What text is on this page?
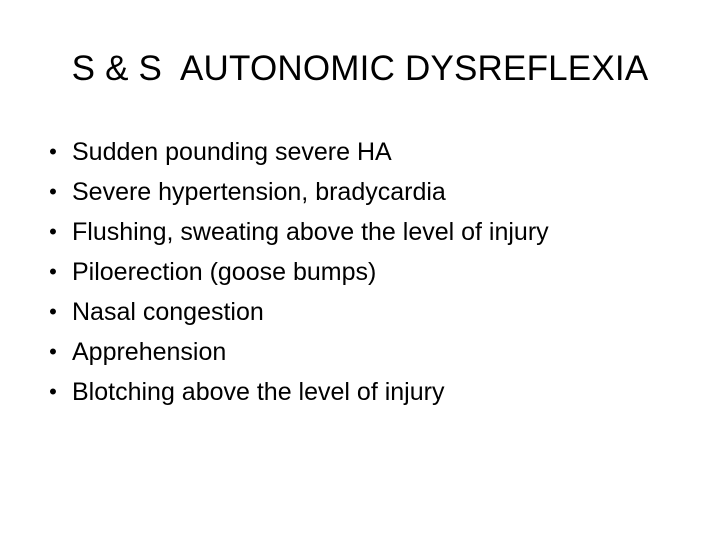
S & S  AUTONOMIC DYSREFLEXIA
• Sudden pounding severe HA
• Severe hypertension, bradycardia
• Flushing, sweating above the level of injury
• Piloerection (goose bumps)
• Nasal congestion
• Apprehension
• Blotching above the level of injury
